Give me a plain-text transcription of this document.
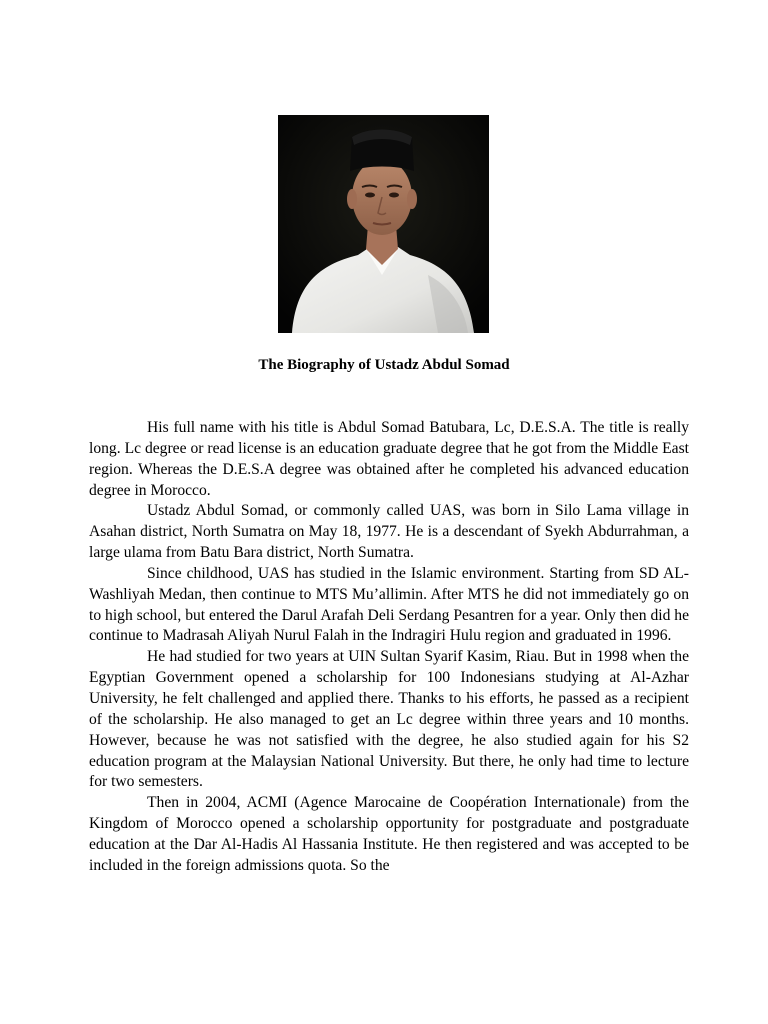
The Biography of Ustadz Abdul Somad

His full name with his title is Abdul Somad Batubara, Lc, D.E.S.A. The title is really long. Lc degree or read license is an education graduate degree that he got from the Middle East region. Whereas the D.E.S.A degree was obtained after he completed his advanced education degree in Morocco.

Ustadz Abdul Somad, or commonly called UAS, was born in Silo Lama village in Asahan district, North Sumatra on May 18, 1977. He is a descendant of Syekh Abdurrahman, a large ulama from Batu Bara district, North Sumatra.

Since childhood, UAS has studied in the Islamic environment. Starting from SD AL-Washliyah Medan, then continue to MTS Mu’allimin. After MTS he did not immediately go on to high school, but entered the Darul Arafah Deli Serdang Pesantren for a year. Only then did he continue to Madrasah Aliyah Nurul Falah in the Indragiri Hulu region and graduated in 1996.

He had studied for two years at UIN Sultan Syarif Kasim, Riau. But in 1998 when the Egyptian Government opened a scholarship for 100 Indonesians studying at Al-Azhar University, he felt challenged and applied there. Thanks to his efforts, he passed as a recipient of the scholarship. He also managed to get an Lc degree within three years and 10 months. However, because he was not satisfied with the degree, he also studied again for his S2 education program at the Malaysian National University. But there, he only had time to lecture for two semesters.

Then in 2004, ACMI (Agence Marocaine de Coopération Internationale) from the Kingdom of Morocco opened a scholarship opportunity for postgraduate and postgraduate education at the Dar Al-Hadis Al Hassania Institute. He then registered and was accepted to be included in the foreign admissions quota. So the
